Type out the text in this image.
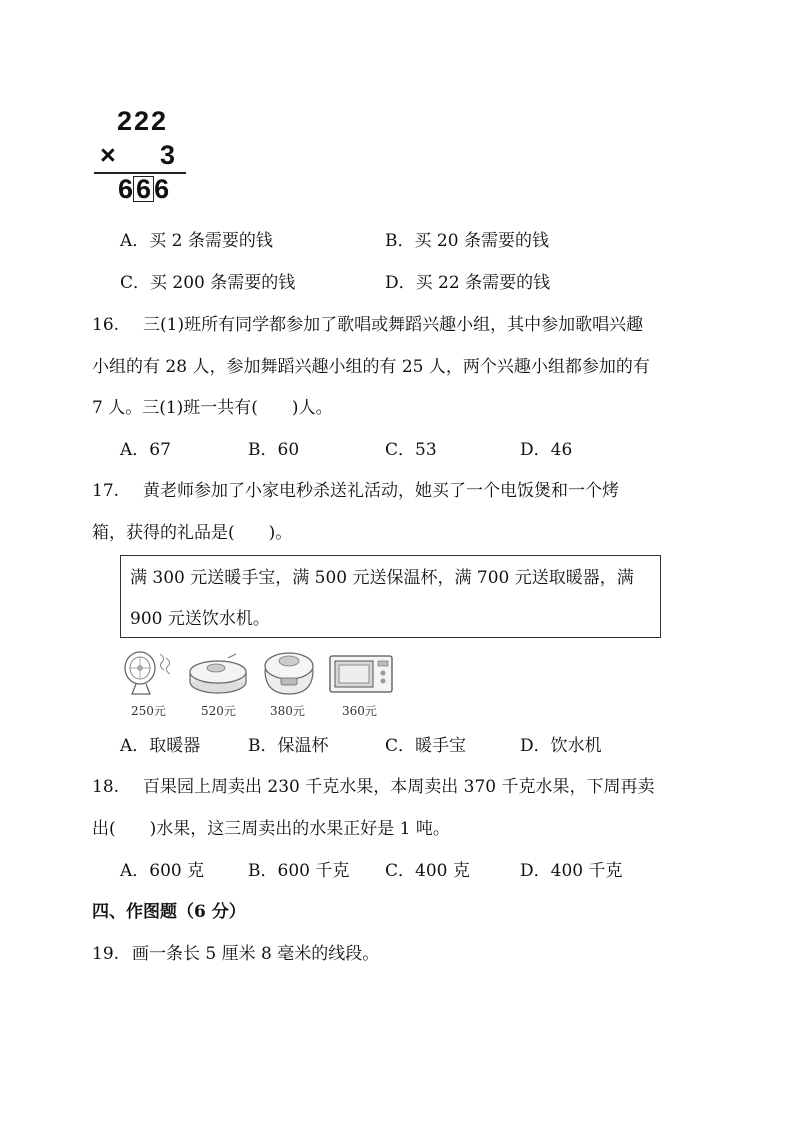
222
× 3
6 6 6
A．买 2 条需要的钱	B．买 20 条需要的钱
C．买 200 条需要的钱	D．买 22 条需要的钱
16. 三(1)班所有同学都参加了歌唱或舞蹈兴趣小组，其中参加歌唱兴趣
小组的有 28 人，参加舞蹈兴趣小组的有 25 人，两个兴趣小组都参加的有
7 人。三(1)班一共有(　　)人。
A．67	B．60	C．53	D．46
17. 黄老师参加了小家电秒杀送礼活动，她买了一个电饭煲和一个烤
箱，获得的礼品是(　　)。
满 300 元送暖手宝，满 500 元送保温杯，满 700 元送取暖器，满
900 元送饮水机。
250元	520元	380元	360元
A．取暖器	B．保温杯	C．暖手宝	D．饮水机
18. 百果园上周卖出 230 千克水果，本周卖出 370 千克水果，下周再卖
出(　　)水果，这三周卖出的水果正好是 1 吨。
A．600 克	B．600 千克 C．400 克	D．400 千克
四、作图题（6 分）
19. 画一条长 5 厘米 8 毫米的线段。
